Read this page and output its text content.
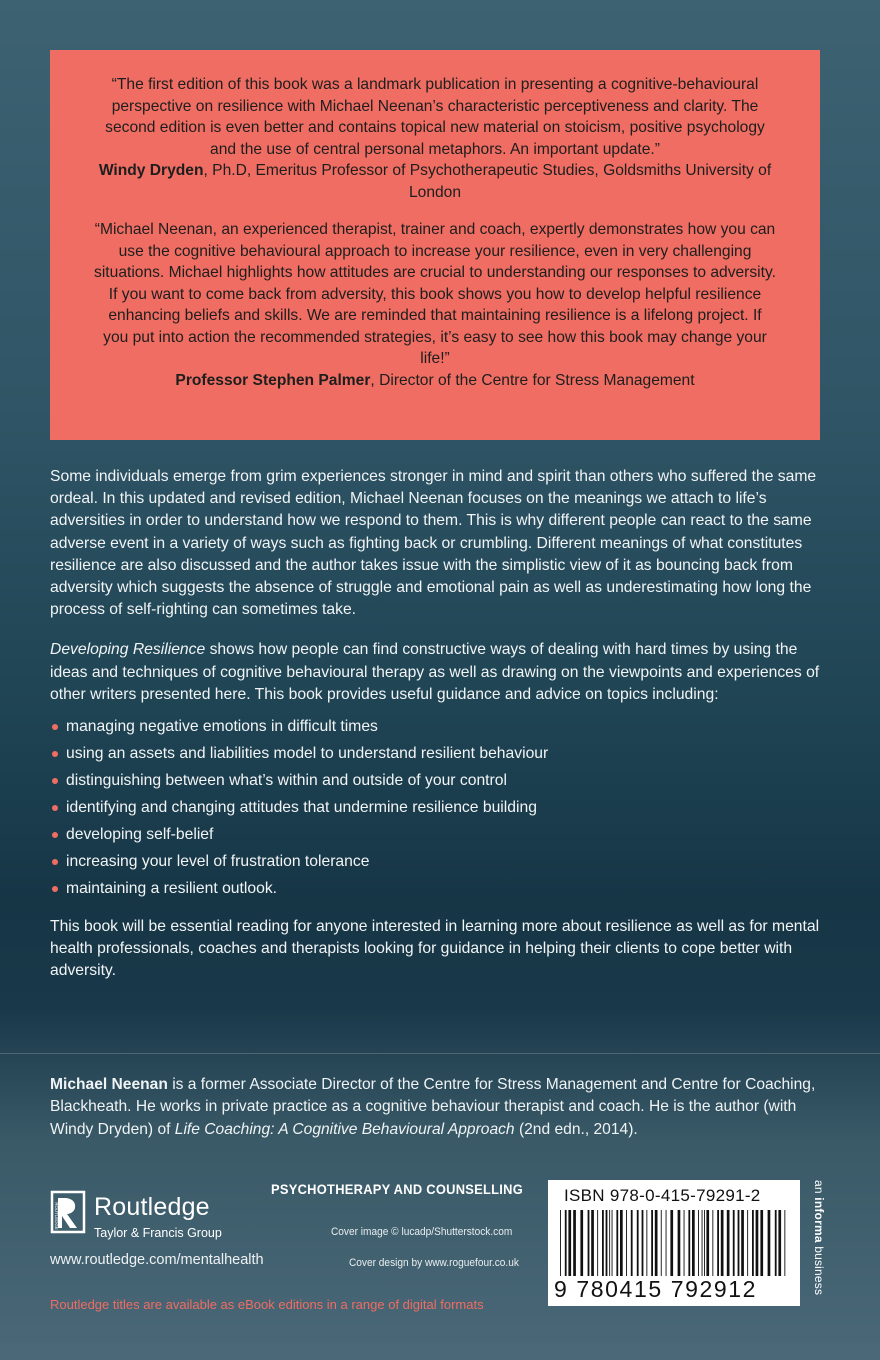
“The first edition of this book was a landmark publication in presenting a cognitive-behavioural perspective on resilience with Michael Neenan’s characteristic perceptiveness and clarity. The second edition is even better and contains topical new material on stoicism, positive psychology and the use of central personal metaphors. An important update.”

Windy Dryden, Ph.D, Emeritus Professor of Psychotherapeutic Studies, Goldsmiths University of London

“Michael Neenan, an experienced therapist, trainer and coach, expertly demonstrates how you can use the cognitive behavioural approach to increase your resilience, even in very challenging situations. Michael highlights how attitudes are crucial to understanding our responses to adversity. If you want to come back from adversity, this book shows you how to develop helpful resilience enhancing beliefs and skills. We are reminded that maintaining resilience is a lifelong project. If you put into action the recommended strategies, it’s easy to see how this book may change your life!”

Professor Stephen Palmer, Director of the Centre for Stress Management

Some individuals emerge from grim experiences stronger in mind and spirit than others who suffered the same ordeal. In this updated and revised edition, Michael Neenan focuses on the meanings we attach to life’s adversities in order to understand how we respond to them. This is why different people can react to the same adverse event in a variety of ways such as fighting back or crumbling. Different meanings of what constitutes resilience are also discussed and the author takes issue with the simplistic view of it as bouncing back from adversity which suggests the absence of struggle and emotional pain as well as underestimating how long the process of self-righting can sometimes take.

Developing Resilience shows how people can find constructive ways of dealing with hard times by using the ideas and techniques of cognitive behavioural therapy as well as drawing on the viewpoints and experiences of other writers presented here. This book provides useful guidance and advice on topics including:

managing negative emotions in difficult times
using an assets and liabilities model to understand resilient behaviour
distinguishing between what’s within and outside of your control
identifying and changing attitudes that undermine resilience building
developing self-belief
increasing your level of frustration tolerance
maintaining a resilient outlook.

This book will be essential reading for anyone interested in learning more about resilience as well as for mental health professionals, coaches and therapists looking for guidance in helping their clients to cope better with adversity.

Michael Neenan is a former Associate Director of the Centre for Stress Management and Centre for Coaching, Blackheath. He works in private practice as a cognitive behaviour therapist and coach. He is the author (with Windy Dryden) of Life Coaching: A Cognitive Behavioural Approach (2nd edn., 2014).

ROUTLEDGE Routledge
Taylor & Francis Group
www.routledge.com/mentalhealth
PSYCHOTHERAPY AND COUNSELLING
Cover image © lucadp/Shutterstock.com
Cover design by www.roguefour.co.uk
Routledge titles are available as eBook editions in a range of digital formats
ISBN 978-0-415-79291-2
9 780415 792912
an informa business
